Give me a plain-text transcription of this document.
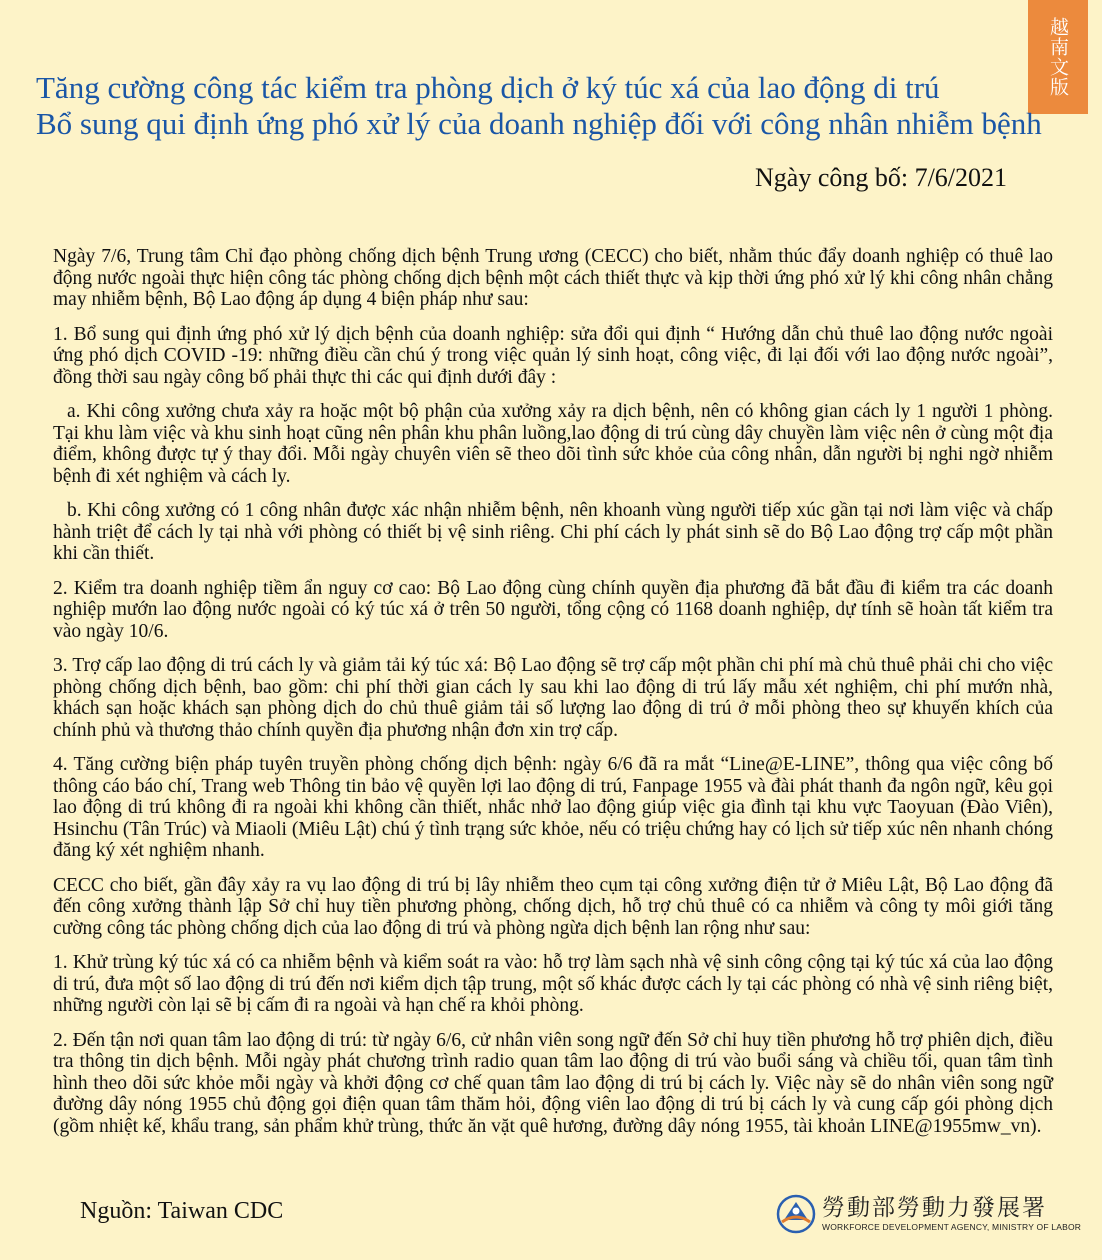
越南文版
Tăng cường công tác kiểm tra phòng dịch ở ký túc xá của lao động di trú
Bổ sung qui định ứng phó xử lý của doanh nghiệp đối với công nhân nhiễm bệnh
Ngày công bố: 7/6/2021

Ngày 7/6, Trung tâm Chỉ đạo phòng chống dịch bệnh Trung ương (CECC) cho biết, nhằm thúc đẩy doanh nghiệp có thuê lao động nước ngoài thực hiện công tác phòng chống dịch bệnh một cách thiết thực và kịp thời ứng phó xử lý khi công nhân chẳng may nhiễm bệnh, Bộ Lao động áp dụng 4 biện pháp như sau:

1. Bổ sung qui định ứng phó xử lý dịch bệnh của doanh nghiệp: sửa đổi qui định “ Hướng dẫn chủ thuê lao động nước ngoài ứng phó dịch COVID -19: những điều cần chú ý trong việc quản lý sinh hoạt, công việc, đi lại đối với lao động nước ngoài”, đồng thời sau ngày công bố phải thực thi các qui định dưới đây :

a. Khi công xưởng chưa xảy ra hoặc một bộ phận của xưởng xảy ra dịch bệnh, nên có không gian cách ly 1 người 1 phòng. Tại khu làm việc và khu sinh hoạt cũng nên phân khu phân luồng,lao động di trú cùng dây chuyền làm việc nên ở cùng một địa điểm, không được tự ý thay đổi. Mỗi ngày chuyên viên sẽ theo dõi tình sức khỏe của công nhân, dẫn người bị nghi ngờ nhiễm bệnh đi xét nghiệm và cách ly.

b. Khi công xưởng có 1 công nhân được xác nhận nhiễm bệnh, nên khoanh vùng người tiếp xúc gần tại nơi làm việc và chấp hành triệt để cách ly tại nhà với phòng có thiết bị vệ sinh riêng. Chi phí cách ly phát sinh sẽ do Bộ Lao động trợ cấp một phần khi cần thiết.

2. Kiểm tra doanh nghiệp tiềm ẩn nguy cơ cao: Bộ Lao động cùng chính quyền địa phương đã bắt đầu đi kiểm tra các doanh nghiệp mướn lao động nước ngoài có ký túc xá ở trên 50 người, tổng cộng có 1168 doanh nghiệp, dự tính sẽ hoàn tất kiểm tra vào ngày 10/6.

3. Trợ cấp lao động di trú cách ly và giảm tải ký túc xá: Bộ Lao động sẽ trợ cấp một phần chi phí mà chủ thuê phải chi cho việc phòng chống dịch bệnh, bao gồm: chi phí thời gian cách ly sau khi lao động di trú lấy mẫu xét nghiệm, chi phí mướn nhà, khách sạn hoặc khách sạn phòng dịch do chủ thuê giảm tải số lượng lao động di trú ở mỗi phòng theo sự khuyến khích của chính phủ và thương thảo chính quyền địa phương nhận đơn xin trợ cấp.

4. Tăng cường biện pháp tuyên truyền phòng chống dịch bệnh: ngày 6/6 đã ra mắt “Line@E-LINE”, thông qua việc công bố thông cáo báo chí, Trang web Thông tin bảo vệ quyền lợi lao động di trú, Fanpage 1955 và đài phát thanh đa ngôn ngữ, kêu gọi lao động di trú không đi ra ngoài khi không cần thiết, nhắc nhở lao động giúp việc gia đình tại khu vực Taoyuan (Đào Viên), Hsinchu (Tân Trúc) và Miaoli (Miêu Lật) chú ý tình trạng sức khỏe, nếu có triệu chứng hay có lịch sử tiếp xúc nên nhanh chóng đăng ký xét nghiệm nhanh.

CECC cho biết, gần đây xảy ra vụ lao động di trú bị lây nhiễm theo cụm tại công xưởng điện tử ở Miêu Lật, Bộ Lao động đã đến công xưởng thành lập Sở chỉ huy tiền phương phòng, chống dịch, hỗ trợ chủ thuê có ca nhiễm và công ty môi giới tăng cường công tác phòng chống dịch của lao động di trú và phòng ngừa dịch bệnh lan rộng như sau:

1. Khử trùng ký túc xá có ca nhiễm bệnh và kiểm soát ra vào: hỗ trợ làm sạch nhà vệ sinh công cộng tại ký túc xá của lao động di trú, đưa một số lao động di trú đến nơi kiểm dịch tập trung, một số khác được cách ly tại các phòng có nhà vệ sinh riêng biệt, những người còn lại sẽ bị cấm đi ra ngoài và hạn chế ra khỏi phòng.

2. Đến tận nơi quan tâm lao động di trú: từ ngày 6/6, cử nhân viên song ngữ đến Sở chỉ huy tiền phương hỗ trợ phiên dịch, điều tra thông tin dịch bệnh. Mỗi ngày phát chương trình radio quan tâm lao động di trú vào buổi sáng và chiều tối, quan tâm tình hình theo dõi sức khỏe mỗi ngày và khởi động cơ chế quan tâm lao động di trú bị cách ly. Việc này sẽ do nhân viên song ngữ đường dây nóng 1955 chủ động gọi điện quan tâm thăm hỏi, động viên lao động di trú bị cách ly và cung cấp gói phòng dịch (gồm nhiệt kế, khẩu trang, sản phẩm khử trùng, thức ăn vặt quê hương, đường dây nóng 1955, tài khoản LINE@1955mw_vn).

Nguồn: Taiwan CDC	勞動部勞動力發展署
WORKFORCE DEVELOPMENT AGENCY, MINISTRY OF LABOR
